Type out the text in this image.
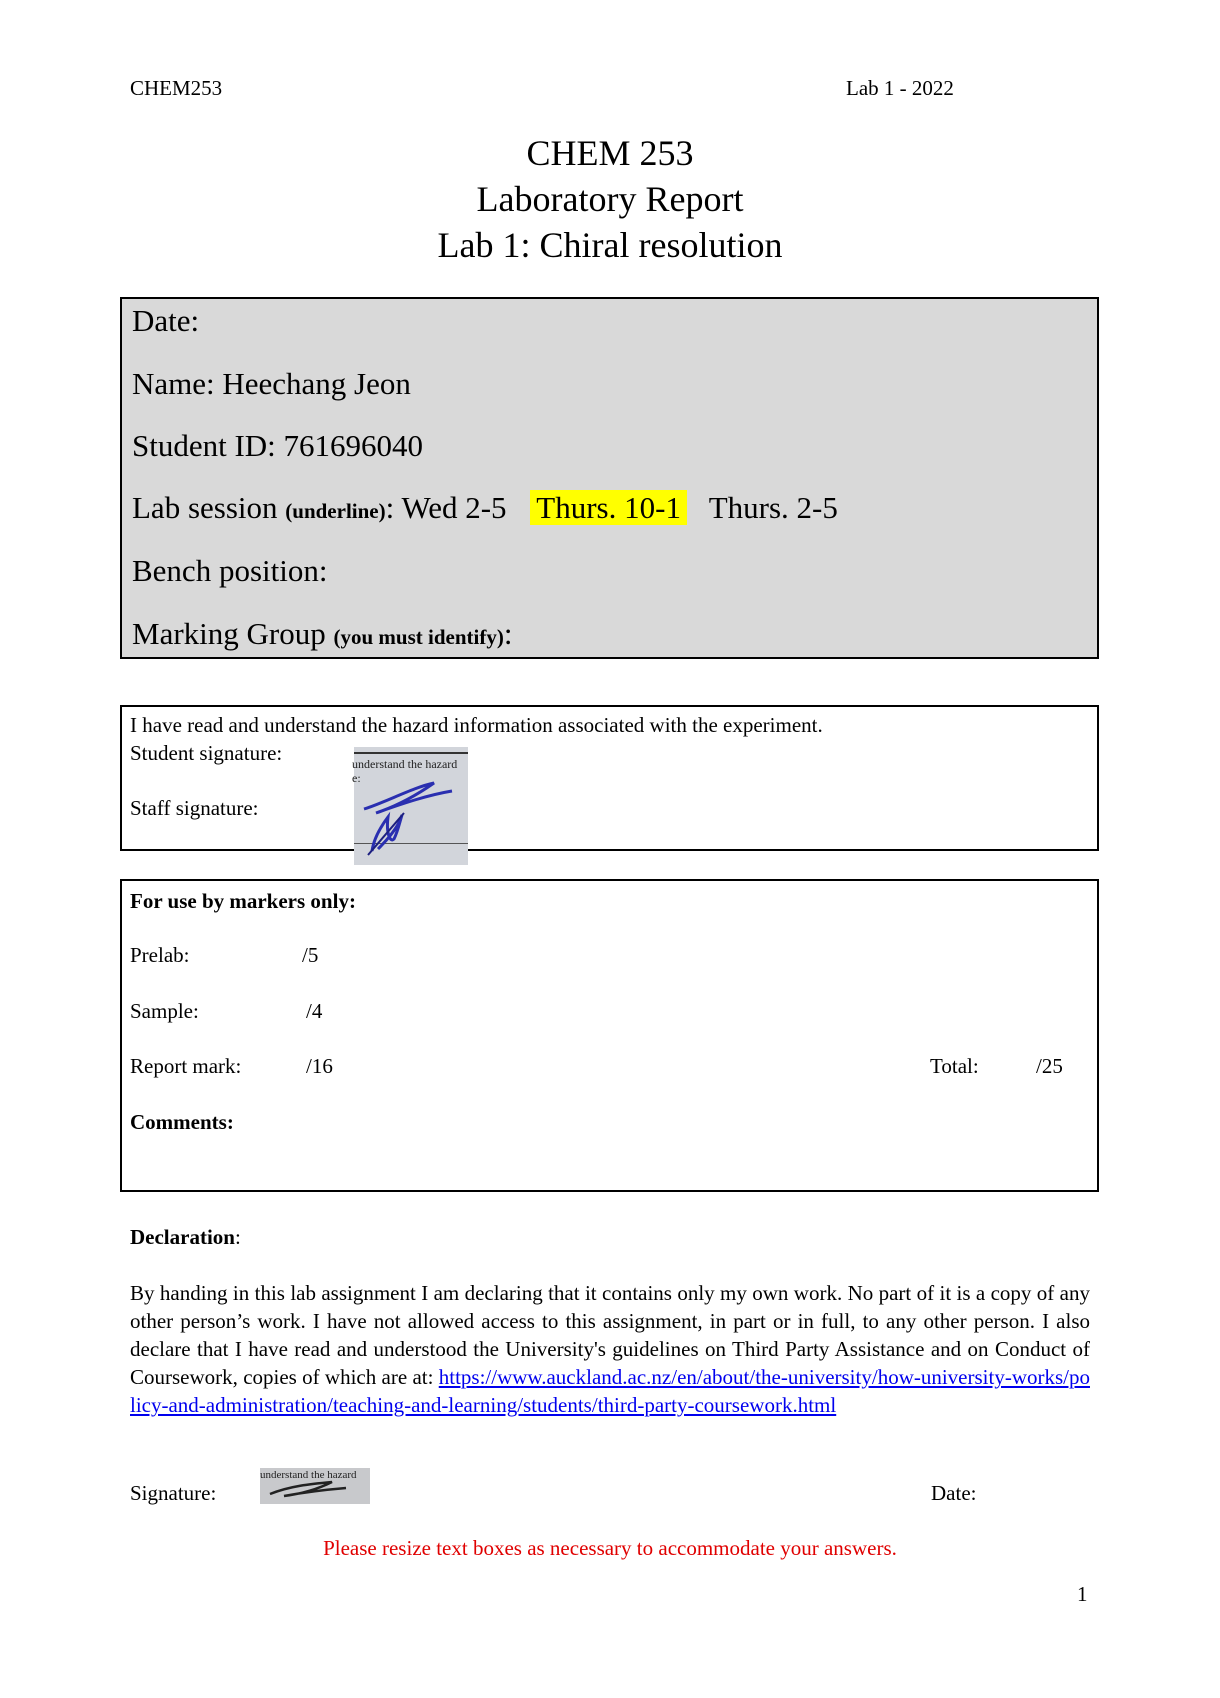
CHEM253	Lab 1 - 2022
CHEM 253
Laboratory Report
Lab 1: Chiral resolution
Date:
Name: Heechang Jeon
Student ID: 761696040
Lab session (underline): Wed 2-5 Thurs. 10-1 Thurs. 2-5
Bench position:
Marking Group (you must identify):
I have read and understand the hazard information associated with the experiment.
Student signature:
Staff signature:
understand the hazard
e:
For use by markers only:
Prelab:	/5
Sample:	/4
Report mark:	/16	Total:	/25
Comments:
Declaration:
By handing in this lab assignment I am declaring that it contains only my own work. No part of it is a copy of any other person’s work. I have not allowed access to this assignment, in part or in full, to any other person. I also declare that I have read and understood the University's guidelines on Third Party Assistance and on Conduct of Coursework, copies of which are at: https://www.auckland.ac.nz/en/about/the-university/how-university-works/policy-and-administration/teaching-and-learning/students/third-party-coursework.html
Signature:
understand the hazard
Date:
Please resize text boxes as necessary to accommodate your answers.
1
